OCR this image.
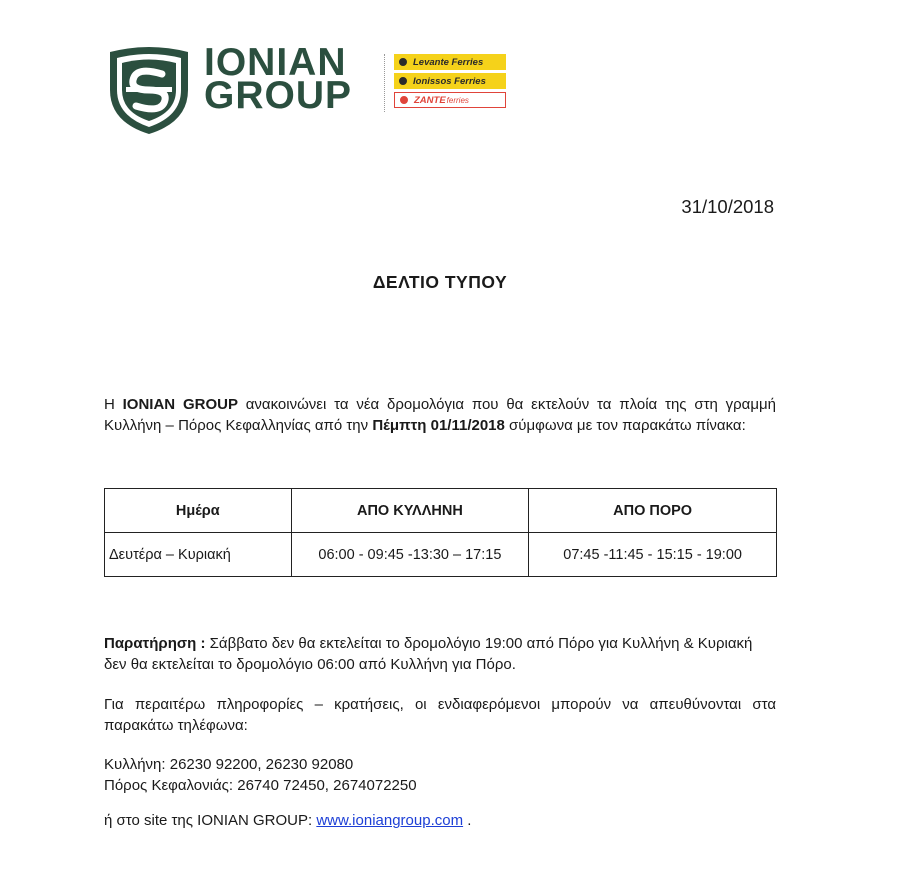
IONIAN
GROUP
Levante Ferries
Ionissos Ferries
ZANTE ferries
31/10/2018
ΔΕΛΤΙΟ ΤΥΠΟΥ
Η IONIAN GROUP ανακοινώνει τα νέα δρομολόγια που θα εκτελούν τα πλοία της στη γραμμή Κυλλήνη – Πόρος Κεφαλληνίας από την Πέμπτη 01/11/2018 σύμφωνα με τον παρακάτω πίνακα:
Ημέρα	ΑΠΟ ΚΥΛΛΗΝΗ	ΑΠΟ ΠΟΡΟ
Δευτέρα – Κυριακή	06:00 - 09:45 -13:30 – 17:15	07:45 -11:45 - 15:15 - 19:00
Παρατήρηση : Σάββατο δεν θα εκτελείται το δρομολόγιο 19:00 από Πόρο για Κυλλήνη & Κυριακή δεν θα εκτελείται το δρομολόγιο 06:00 από Κυλλήνη για Πόρο.
Για περαιτέρω πληροφορίες – κρατήσεις, οι ενδιαφερόμενοι μπορούν να απευθύνονται στα παρακάτω τηλέφωνα:
Κυλλήνη: 26230 92200, 26230 92080
Πόρος Κεφαλονιάς: 26740 72450, 2674072250
ή στο site της IONIAN GROUP: www.ioniangroup.com .
